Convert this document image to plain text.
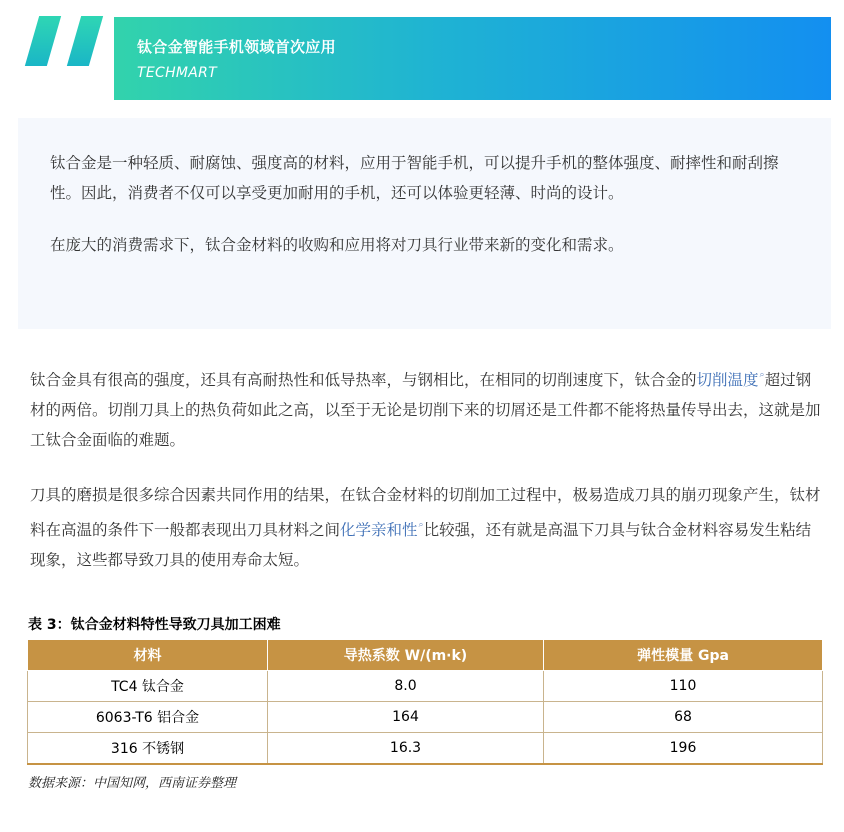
钛合金智能手机领域首次应用
TECHMART

钛合金是一种轻质、耐腐蚀、强度高的材料，应用于智能手机，可以提升手机的整体强度、耐摔性和耐刮擦性。因此，消费者不仅可以享受更加耐用的手机，还可以体验更轻薄、时尚的设计。

在庞大的消费需求下，钛合金材料的收购和应用将对刀具行业带来新的变化和需求。

钛合金具有很高的强度，还具有高耐热性和低导热率，与钢相比，在相同的切削速度下，钛合金的切削温度⌕超过钢材的两倍。切削刀具上的热负荷如此之高，以至于无论是切削下来的切屑还是工件都不能将热量传导出去，这就是加工钛合金面临的难题。
刀具的磨损是很多综合因素共同作用的结果，在钛合金材料的切削加工过程中，极易造成刀具的崩刃现象产生，钛材料在高温的条件下一般都表现出刀具材料之间化学亲和性⌕比较强，还有就是高温下刀具与钛合金材料容易发生粘结现象，这些都导致刀具的使用寿命太短。
表 3：钛合金材料特性导致刀具加工困难
材料	导热系数 W/(m·k)	弹性模量 Gpa
TC4 钛合金	8.0	110
6063-T6 铝合金	164	68
316 不锈钢	16.3	196
数据来源：中国知网，西南证券整理
